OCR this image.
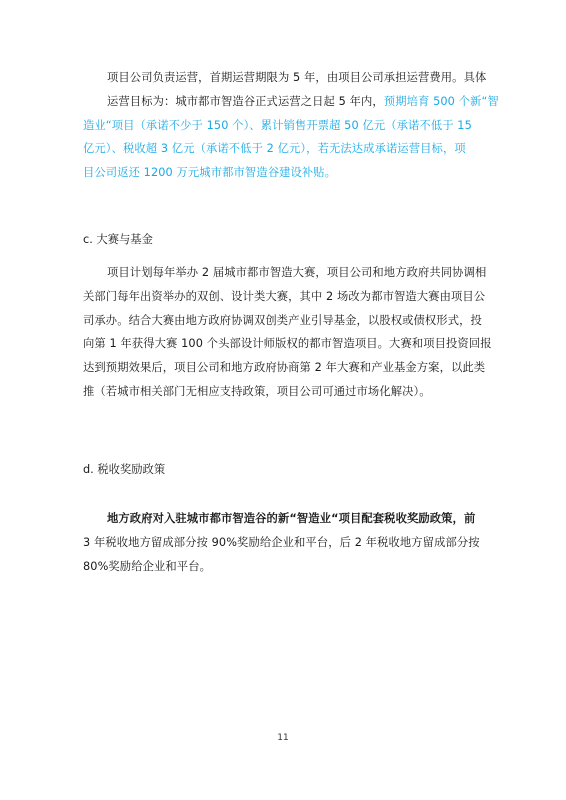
项目公司负责运营，首期运营期限为 5 年，由项目公司承担运营费用。具体
运营目标为：城市都市智造谷正式运营之日起 5 年内，预期培育 500 个新“智
造业“项目（承诺不少于 150 个）、累计销售开票超 50 亿元（承诺不低于 15
亿元）、税收超 3 亿元（承诺不低于 2 亿元），若无法达成承诺运营目标，项
目公司返还 1200 万元城市都市智造谷建设补贴。
c. 大赛与基金
项目计划每年举办 2 届城市都市智造大赛，项目公司和地方政府共同协调相
关部门每年出资举办的双创、设计类大赛，其中 2 场改为都市智造大赛由项目公
司承办。结合大赛由地方政府协调双创类产业引导基金，以股权或债权形式，投
向第 1 年获得大赛 100 个头部设计师版权的都市智造项目。大赛和项目投资回报
达到预期效果后，项目公司和地方政府协商第 2 年大赛和产业基金方案，以此类
推（若城市相关部门无相应支持政策，项目公司可通过市场化解决）。
d. 税收奖励政策
地方政府对入驻城市都市智造谷的新“智造业“项目配套税收奖励政策，前
3 年税收地方留成部分按 90%奖励给企业和平台，后 2 年税收地方留成部分按
80%奖励给企业和平台。
11
